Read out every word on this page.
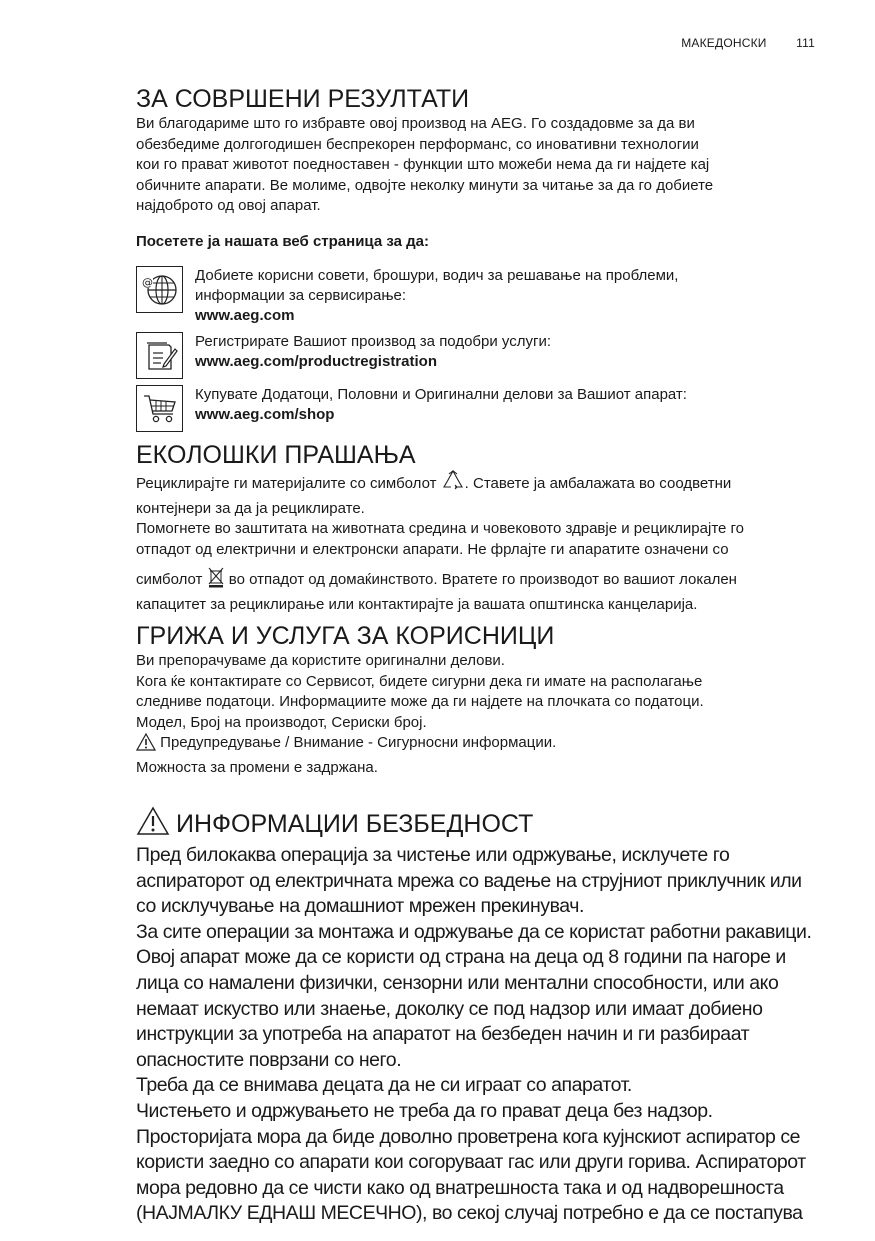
МАКЕДОНСКИ 111
ЗА СОВРШЕНИ РЕЗУЛТАТИ

Ви благодариме што го избравте овој производ на AEG. Го создадовме за да ви

обезбедиме долгогодишен беспрекорен перформанс, со иновативни технологии

кои го прават животот поедноставен - функции што можеби нема да ги најдете кај

обичните апарати. Ве молиме, одвојте неколку минути за читање за да го добиете

најдоброто од овој апарат.

Посетете ја нашата веб страница за да:

@	Добиете корисни совети, брошури, водич за решавање на проблеми,

информации за сервисирање:

www.aeg.com

Регистрирате Вашиот производ за подобри услуги:

www.aeg.com/productregistration

Купувате Додатоци, Половни и Оригинални делови за Вашиот апарат:

www.aeg.com/shop

ЕКОЛОШКИ ПРАШАЊА

Рециклирајте ги материјалите со симболот . Ставете ја амбалажата во соодветни

контејнери за да ја рециклирате.

Помогнете во заштитата на животната средина и човековото здравје и рециклирајте го

отпадот од електрични и електронски апарати. Не фрлајте ги апаратите означени со

симболот  во отпадот од домаќинството. Вратете го производот во вашиот локален

капацитет за рециклирање или контактирајте ја вашата општинска канцеларија.

ГРИЖА И УСЛУГА ЗА КОРИСНИЦИ

Ви препорачуваме да користите оригинални делови.

Кога ќе контактирате со Сервисот, бидете сигурни дека ги имате на располагање

следниве податоци. Информациите може да ги најдете на плочката со податоци.

Модел, Број на производот, Сериски број.

Предупредување / Внимание - Сигурносни информации.

Можноста за промени е задржана.

ИНФОРМАЦИИ БЕЗБЕДНОСТ

Пред билокаква операција за чистење или одржување, исклучете го

аспираторот од електричната мрежа со вадење на струјниот приклучник или

со исклучување на домашниот мрежен прекинувач.

За сите операции за монтажа и одржување да се користат работни ракавици.

Овој апарат може да се користи од страна на деца од 8 години па нагоре и

лица со намалени физички, сензорни или ментални способности, или ако

немаат искуство или знаење, доколку се под надзор или имаат добиено

инструкции за употреба на апаратот на безбеден начин и ги разбираат

опасностите поврзани со него.

Треба да се внимава децата да не си играат со апаратот.

Чистењето и одржувањето не треба да го прават деца без надзор.

Просторијата мора да биде доволно проветрена кога кујнскиот аспиратор се

користи заедно со апарати кои согоруваат гас или други горива. Аспираторот

мора редовно да се чисти како од внатрешноста така и од надворешноста

(НАЈМАЛКУ ЕДНАШ МЕСЕЧНО), во секој случај потребно е да се постапува
